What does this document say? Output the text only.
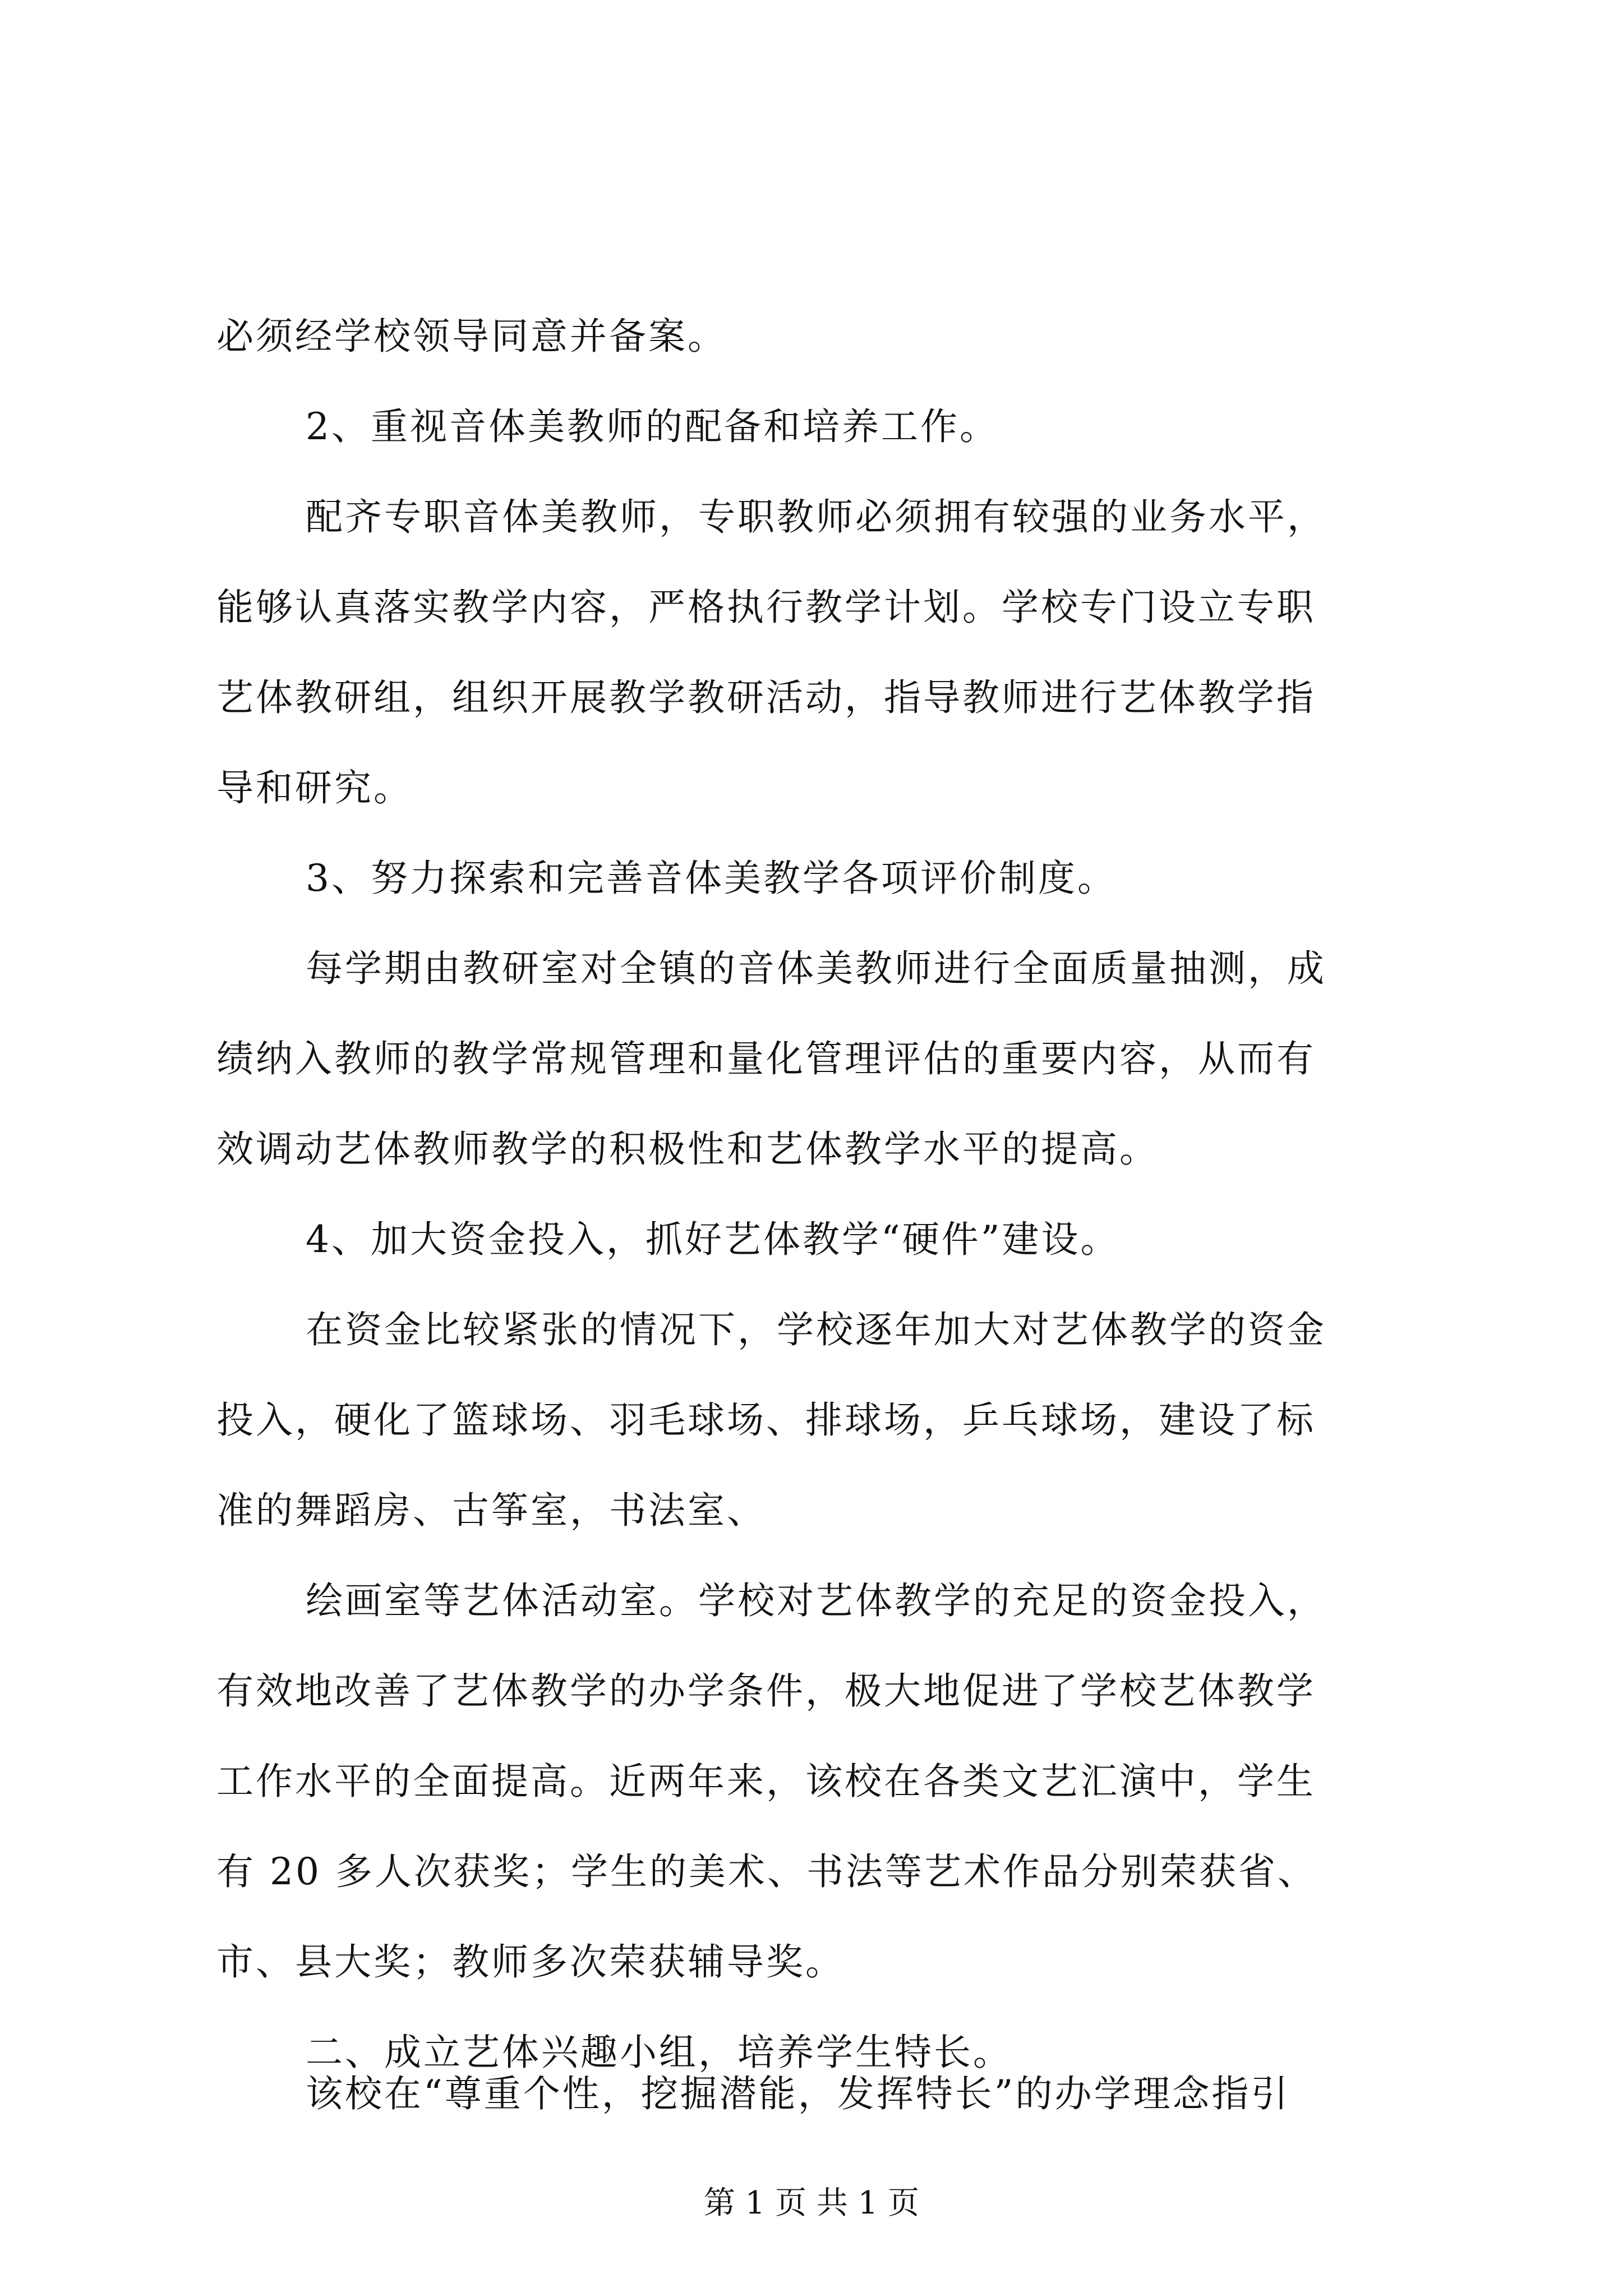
必须经学校领导同意并备案。
2、重视音体美教师的配备和培养工作。
配齐专职音体美教师，专职教师必须拥有较强的业务水平，
能够认真落实教学内容，严格执行教学计划。学校专门设立专职
艺体教研组，组织开展教学教研活动，指导教师进行艺体教学指
导和研究。
3、努力探索和完善音体美教学各项评价制度。
每学期由教研室对全镇的音体美教师进行全面质量抽测，成
绩纳入教师的教学常规管理和量化管理评估的重要内容，从而有
效调动艺体教师教学的积极性和艺体教学水平的提高。
4、加大资金投入，抓好艺体教学“硬件”建设。
在资金比较紧张的情况下，学校逐年加大对艺体教学的资金
投入，硬化了篮球场、羽毛球场、排球场，乒乓球场，建设了标
准的舞蹈房、古筝室，书法室、
绘画室等艺体活动室。学校对艺体教学的充足的资金投入，
有效地改善了艺体教学的办学条件，极大地促进了学校艺体教学
工作水平的全面提高。近两年来，该校在各类文艺汇演中，学生
有 20 多人次获奖；学生的美术、书法等艺术作品分别荣获省、
市、县大奖；教师多次荣获辅导奖。
二、成立艺体兴趣小组，培养学生特长。
该校在“尊重个性，挖掘潜能，发挥特长”的办学理念指引
第 1 页 共 1 页
